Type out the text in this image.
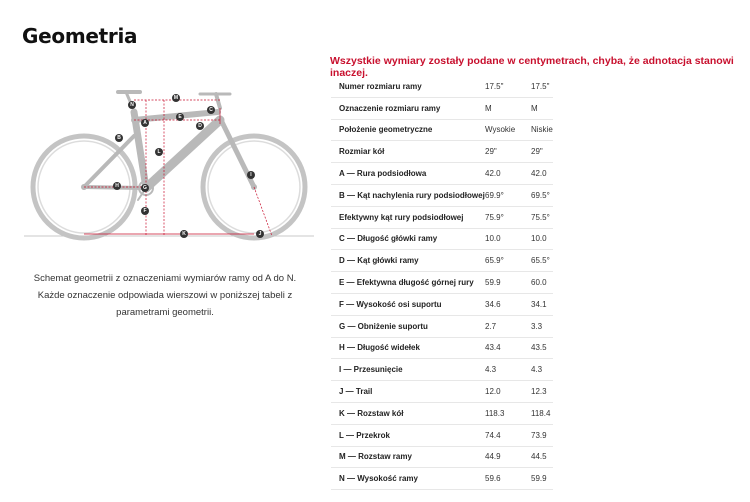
Geometria
M
N
C
E
A	D
B
L
I
H	G
F
K	J
Schemat geometrii z oznaczeniami wymiarów ramy od A do N. Każde oznaczenie odpowiada wierszowi w poniższej tabeli z parametrami geometrii.
Wszystkie wymiary zostały podane w centymetrach, chyba, że adnotacja stanowi inaczej.
Numer rozmiaru ramy	17.5"	17.5"
Oznaczenie rozmiaru ramy	M	M
Położenie geometryczne	Wysokie	Niskie
Rozmiar kół	29"	29"
A — Rura podsiodłowa	42.0	42.0
B — Kąt nachylenia rury podsiodłowej	69.9°	69.5°
Efektywny kąt rury podsiodłowej	75.9°	75.5°
C — Długość główki ramy	10.0	10.0
D — Kąt główki ramy	65.9°	65.5°
E — Efektywna długość górnej rury	59.9	60.0
F — Wysokość osi suportu	34.6	34.1
G — Obniżenie suportu	2.7	3.3
H — Długość widełek	43.4	43.5
I — Przesunięcie	4.3	4.3
J — Trail	12.0	12.3
K — Rozstaw kół	118.3	118.4
L — Przekrok	74.4	73.9
M — Rozstaw ramy	44.9	44.5
N — Wysokość ramy	59.6	59.9
